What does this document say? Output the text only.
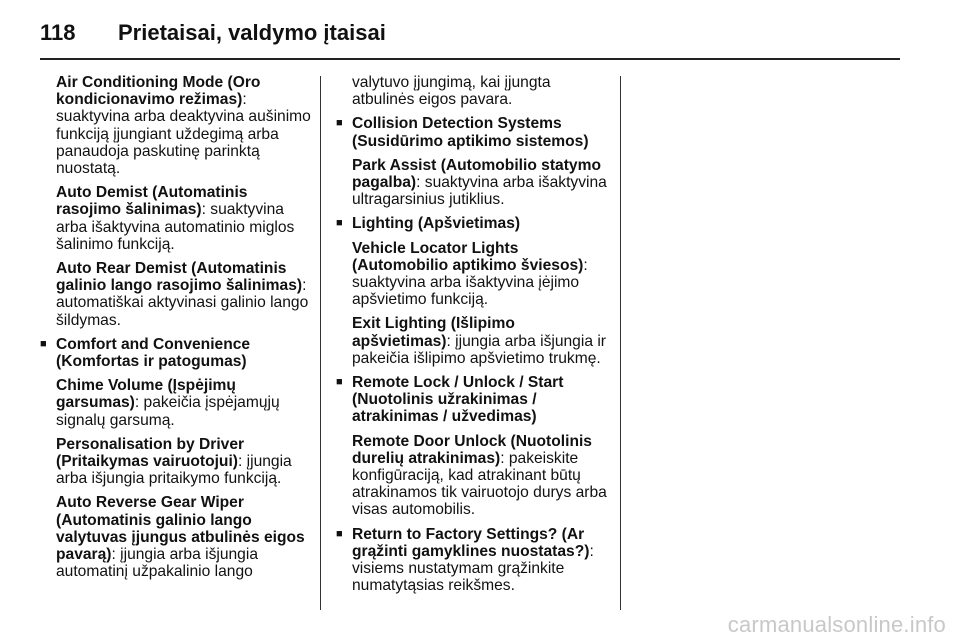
118 Prietaisai, valdymo įtaisai
Air Conditioning Mode (Oro kondicionavimo režimas): suaktyvina arba deaktyvina aušinimo funkciją įjungiant uždegimą arba panaudoja paskutinę parinktą nuostatą.
Auto Demist (Automatinis rasojimo šalinimas): suaktyvina arba išaktyvina automatinio miglos šalinimo funkciją.
Auto Rear Demist (Automatinis galinio lango rasojimo šalinimas): automatiškai aktyvinasi galinio lango šildymas.
■ Comfort and Convenience (Komfortas ir patogumas)
Chime Volume (Įspėjimų garsumas): pakeičia įspėjamųjų signalų garsumą.
Personalisation by Driver (Pritaikymas vairuotojui): įjungia arba išjungia pritaikymo funkciją.
Auto Reverse Gear Wiper (Automatinis galinio lango valytuvas įjungus atbulinės eigos pavarą): įjungia arba išjungia automatinį užpakalinio lango
valytuvo įjungimą, kai įjungta atbulinės eigos pavara.
■ Collision Detection Systems (Susidūrimo aptikimo sistemos)
Park Assist (Automobilio statymo pagalba): suaktyvina arba išaktyvina ultragarsinius jutiklius.
■ Lighting (Apšvietimas)
Vehicle Locator Lights (Automobilio aptikimo šviesos): suaktyvina arba išaktyvina įėjimo apšvietimo funkciją.
Exit Lighting (Išlipimo apšvietimas): įjungia arba išjungia ir pakeičia išlipimo apšvietimo trukmę.
■ Remote Lock / Unlock / Start (Nuotolinis užrakinimas / atrakinimas / užvedimas)
Remote Door Unlock (Nuotolinis durelių atrakinimas): pakeiskite konfigūraciją, kad atrakinant būtų atrakinamos tik vairuotojo durys arba visas automobilis.
■ Return to Factory Settings? (Ar grąžinti gamyklines nuostatas?): visiems nustatymam grąžinkite numatytąsias reikšmes.
carmanualsonline.info
